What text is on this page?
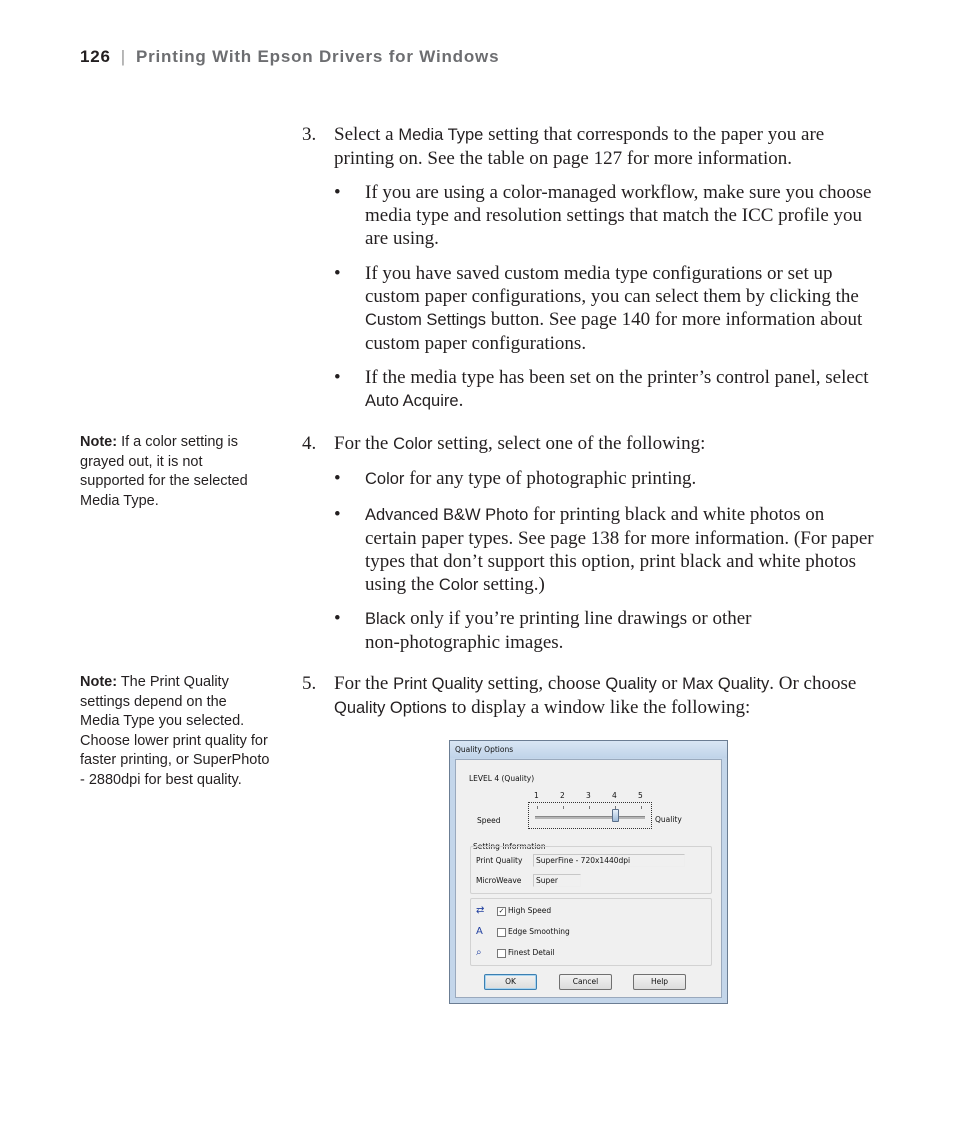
126 | Printing With Epson Drivers for Windows
3. Select a Media Type setting that corresponds to the paper you are printing on. See the table on page 127 for more information.
• If you are using a color-managed workflow, make sure you choose media type and resolution settings that match the ICC profile you are using.
• If you have saved custom media type configurations or set up custom paper configurations, you can select them by clicking the Custom Settings button. See page 140 for more information about custom paper configurations.
• If the media type has been set on the printer’s control panel, select Auto Acquire.
Note: If a color setting is grayed out, it is not supported for the selected Media Type.
4. For the Color setting, select one of the following:
• Color for any type of photographic printing.
• Advanced B&W Photo for printing black and white photos on certain paper types. See page 138 for more information. (For paper types that don’t support this option, print black and white photos using the Color setting.)
• Black only if you’re printing line drawings or other non-photographic images.
Note: The Print Quality settings depend on the Media Type you selected. Choose lower print quality for faster printing, or SuperPhoto - 2880dpi for best quality.
5. For the Print Quality setting, choose Quality or Max Quality. Or choose Quality Options to display a window like the following:
Quality Options
LEVEL 4 (Quality)
1	2	3	4	5
Speed	Quality
Setting Information
Print Quality	SuperFine - 720x1440dpi
MicroWeave	Super
⇄ ✓ High Speed
A	Edge Smoothing
⌕	Finest Detail
OK	Cancel	Help
